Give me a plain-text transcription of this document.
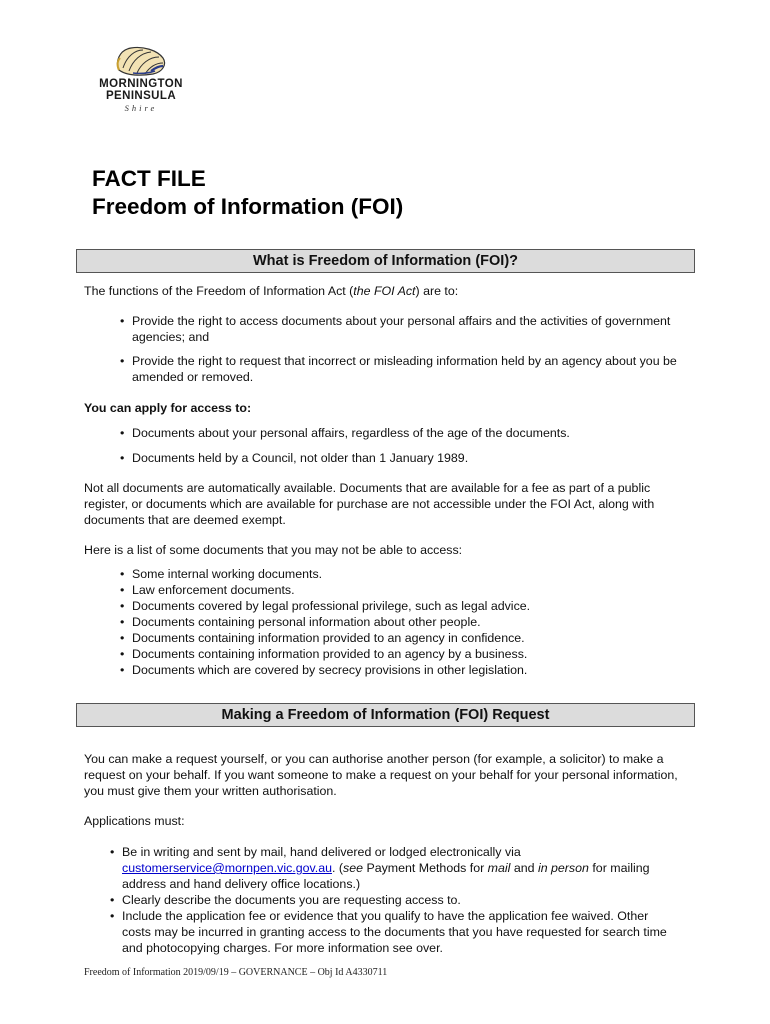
MORNINGTON
PENINSULA
Shire
FACT FILE
Freedom of Information (FOI)
What is Freedom of Information (FOI)?
The functions of the Freedom of Information Act (the FOI Act) are to:
• Provide the right to access documents about your personal affairs and the activities of government agencies; and
• Provide the right to request that incorrect or misleading information held by an agency about you be amended or removed.
You can apply for access to:
• Documents about your personal affairs, regardless of the age of the documents.
• Documents held by a Council, not older than 1 January 1989.
Not all documents are automatically available. Documents that are available for a fee as part of a public register, or documents which are available for purchase are not accessible under the FOI Act, along with documents that are deemed exempt.
Here is a list of some documents that you may not be able to access:
• Some internal working documents.
• Law enforcement documents.
• Documents covered by legal professional privilege, such as legal advice.
• Documents containing personal information about other people.
• Documents containing information provided to an agency in confidence.
• Documents containing information provided to an agency by a business.
• Documents which are covered by secrecy provisions in other legislation.
Making a Freedom of Information (FOI) Request
You can make a request yourself, or you can authorise another person (for example, a solicitor) to make a request on your behalf. If you want someone to make a request on your behalf for your personal information, you must give them your written authorisation.
Applications must:
• Be in writing and sent by mail, hand delivered or lodged electronically via
customerservice@mornpen.vic.gov.au. (see Payment Methods for mail and in person for mailing address and hand delivery office locations.)
• Clearly describe the documents you are requesting access to.
• Include the application fee or evidence that you qualify to have the application fee waived. Other costs may be incurred in granting access to the documents that you have requested for search time and photocopying charges. For more information see over.
Freedom of Information 2019/09/19 – GOVERNANCE – Obj Id A4330711
